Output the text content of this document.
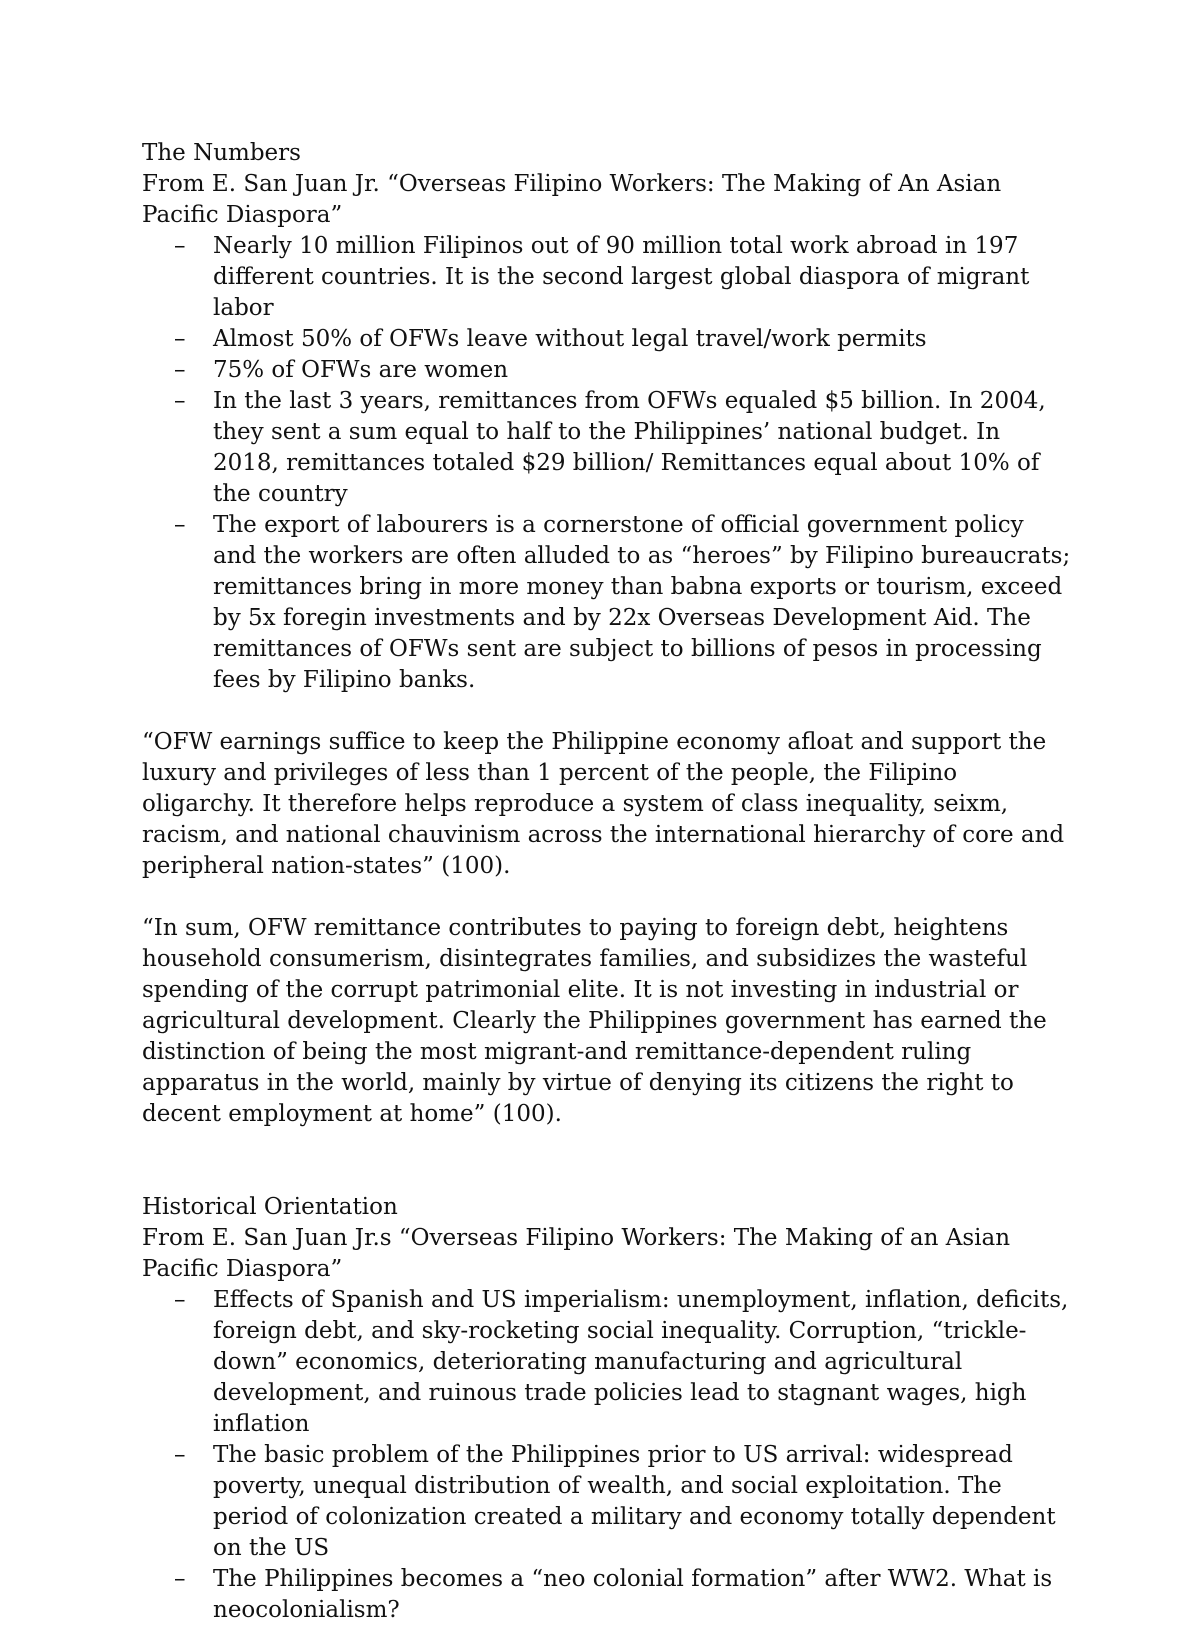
The Numbers

From E. San Juan Jr. “Overseas Filipino Workers: The Making of An Asian Pacific Diaspora”

– Nearly 10 million Filipinos out of 90 million total work abroad in 197 different countries. It is the second largest global diaspora of migrant labor
– Almost 50% of OFWs leave without legal travel/work permits
– 75% of OFWs are women
– In the last 3 years, remittances from OFWs equaled $5 billion. In 2004, they sent a sum equal to half to the Philippines’ national budget. In 2018, remittances totaled $29 billion/ Remittances equal about 10% of the country
– The export of labourers is a cornerstone of official government policy and the workers are often alluded to as “heroes” by Filipino bureaucrats; remittances bring in more money than babna exports or tourism, exceed by 5x foregin investments and by 22x Overseas Development Aid. The remittances of OFWs sent are subject to billions of pesos in processing fees by Filipino banks.

“OFW earnings suffice to keep the Philippine economy afloat and support the luxury and privileges of less than 1 percent of the people, the Filipino oligarchy. It therefore helps reproduce a system of class inequality, seixm, racism, and national chauvinism across the international hierarchy of core and peripheral nation-states” (100).

“In sum, OFW remittance contributes to paying to foreign debt, heightens household consumerism, disintegrates families, and subsidizes the wasteful spending of the corrupt patrimonial elite. It is not investing in industrial or agricultural development. Clearly the Philippines government has earned the distinction of being the most migrant-and remittance-dependent ruling apparatus in the world, mainly by virtue of denying its citizens the right to decent employment at home” (100).

Historical Orientation

From E. San Juan Jr.s “Overseas Filipino Workers: The Making of an Asian Pacific Diaspora”

– Effects of Spanish and US imperialism: unemployment, inflation, deficits, foreign debt, and sky-rocketing social inequality. Corruption, “trickle-down” economics, deteriorating manufacturing and agricultural development, and ruinous trade policies lead to stagnant wages, high inflation
– The basic problem of the Philippines prior to US arrival: widespread poverty, unequal distribution of wealth, and social exploitation. The period of colonization created a military and economy totally dependent on the US
– The Philippines becomes a “neo colonial formation” after WW2. What is neocolonialism?
